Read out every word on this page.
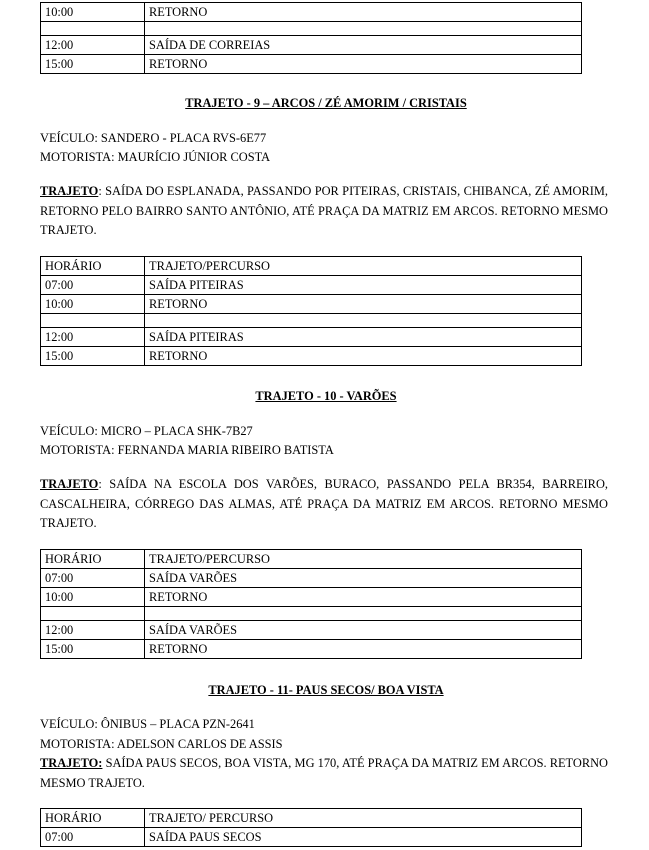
10:00	RETORNO

12:00	SAÍDA DE CORREIAS
15:00	RETORNO
TRAJETO - 9 – ARCOS / ZÉ AMORIM / CRISTAIS
VEÍCULO: SANDERO - PLACA RVS-6E77
MOTORISTA: MAURÍCIO JÚNIOR COSTA
TRAJETO: SAÍDA DO ESPLANADA, PASSANDO POR PITEIRAS, CRISTAIS, CHIBANCA, ZÉ AMORIM, RETORNO PELO BAIRRO SANTO ANTÔNIO, ATÉ PRAÇA DA MATRIZ EM ARCOS. RETORNO MESMO TRAJETO.
HORÁRIO	TRAJETO/PERCURSO
07:00	SAÍDA PITEIRAS
10:00	RETORNO

12:00	SAÍDA PITEIRAS
15:00	RETORNO
TRAJETO - 10 - VARÕES
VEÍCULO: MICRO – PLACA SHK-7B27
MOTORISTA: FERNANDA MARIA RIBEIRO BATISTA
TRAJETO: SAÍDA NA ESCOLA DOS VARÕES, BURACO, PASSANDO PELA BR354, BARREIRO, CASCALHEIRA, CÓRREGO DAS ALMAS, ATÉ PRAÇA DA MATRIZ EM ARCOS. RETORNO MESMO TRAJETO.
HORÁRIO	TRAJETO/PERCURSO
07:00	SAÍDA VARÕES
10:00	RETORNO

12:00	SAÍDA VARÕES
15:00	RETORNO
TRAJETO - 11- PAUS SECOS/ BOA VISTA
VEÍCULO: ÔNIBUS – PLACA PZN-2641
MOTORISTA: ADELSON CARLOS DE ASSIS
TRAJETO: SAÍDA PAUS SECOS, BOA VISTA, MG 170, ATÉ PRAÇA DA MATRIZ EM ARCOS. RETORNO MESMO TRAJETO.
HORÁRIO	TRAJETO/ PERCURSO
07:00	SAÍDA PAUS SECOS
